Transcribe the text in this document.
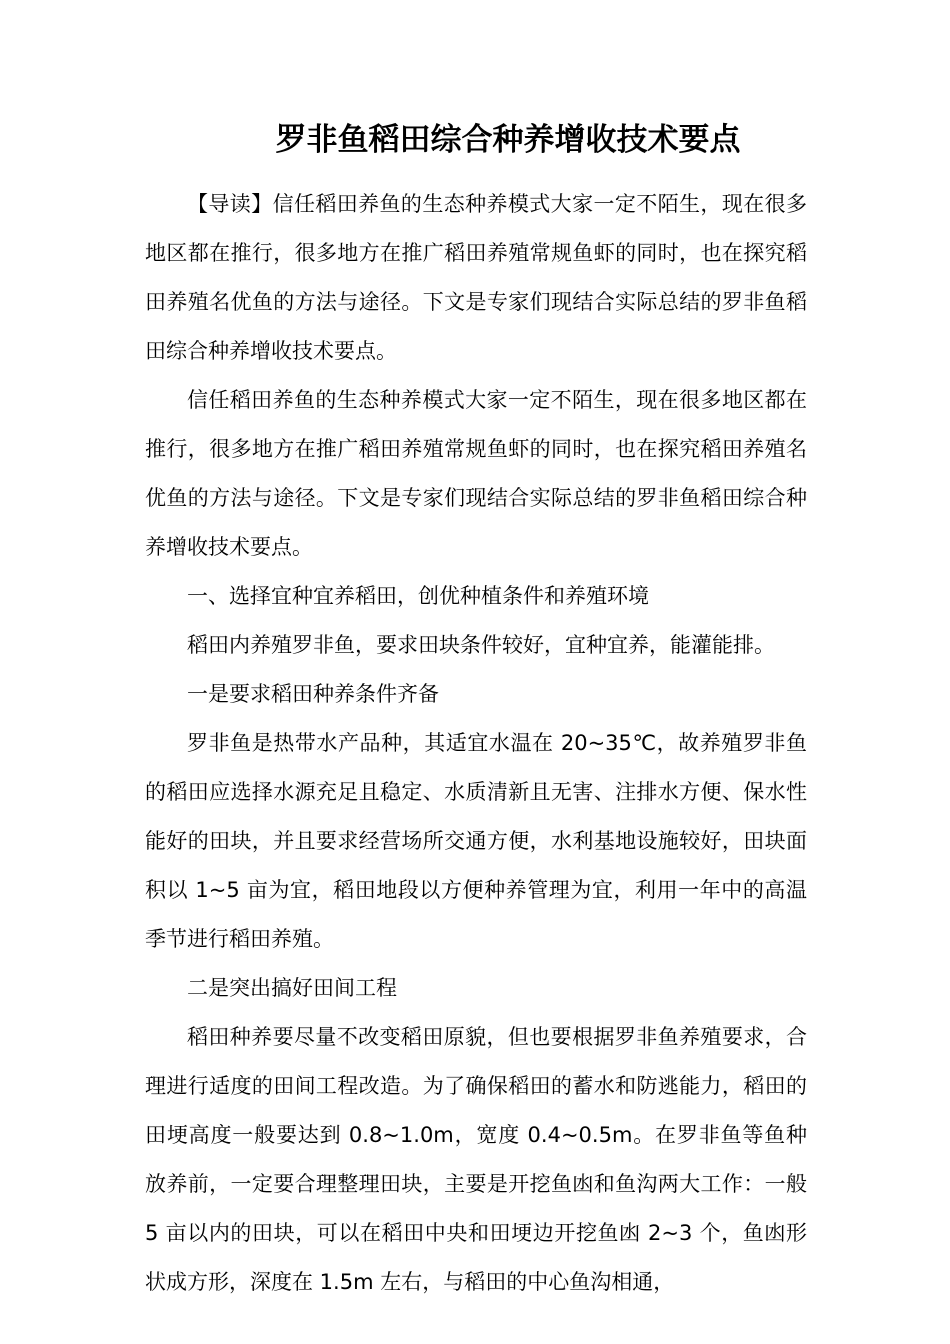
罗非鱼稻田综合种养增收技术要点

【导读】信任稻田养鱼的生态种养模式大家一定不陌生，现在很多地区都在推行，很多地方在推广稻田养殖常规鱼虾的同时，也在探究稻田养殖名优鱼的方法与途径。下文是专家们现结合实际总结的罗非鱼稻田综合种养增收技术要点。

信任稻田养鱼的生态种养模式大家一定不陌生，现在很多地区都在推行，很多地方在推广稻田养殖常规鱼虾的同时，也在探究稻田养殖名优鱼的方法与途径。下文是专家们现结合实际总结的罗非鱼稻田综合种养增收技术要点。

一、选择宜种宜养稻田，创优种植条件和养殖环境

稻田内养殖罗非鱼，要求田块条件较好，宜种宜养，能灌能排。

一是要求稻田种养条件齐备

罗非鱼是热带水产品种，其适宜水温在 20~35℃，故养殖罗非鱼的稻田应选择水源充足且稳定、水质清新且无害、注排水方便、保水性能好的田块，并且要求经营场所交通方便，水利基地设施较好，田块面积以 1~5 亩为宜，稻田地段以方便种养管理为宜，利用一年中的高温季节进行稻田养殖。

二是突出搞好田间工程

稻田种养要尽量不改变稻田原貌，但也要根据罗非鱼养殖要求，合理进行适度的田间工程改造。为了确保稻田的蓄水和防逃能力，稻田的田埂高度一般要达到 0.8~1.0m，宽度 0.4~0.5m。在罗非鱼等鱼种放养前，一定要合理整理田块，主要是开挖鱼凼和鱼沟两大工作：一般 5 亩以内的田块，可以在稻田中央和田埂边开挖鱼凼 2~3 个，鱼凼形状成方形，深度在 1.5m 左右，与稻田的中心鱼沟相通，
